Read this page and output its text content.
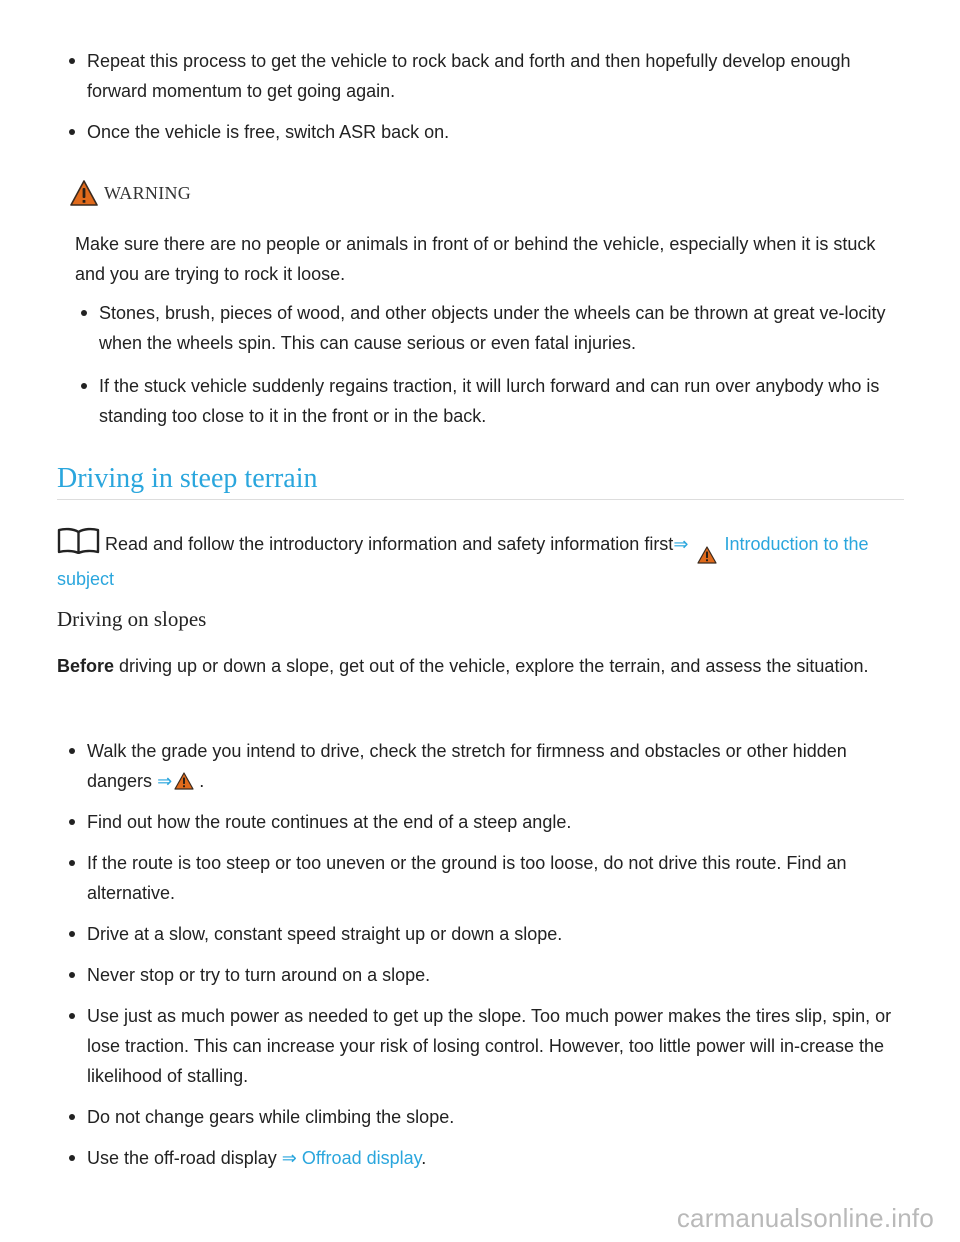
Repeat this process to get the vehicle to rock back and forth and then hopefully develop enough forward momentum to get going again.
Once the vehicle is free, switch ASR back on.
WARNING
Make sure there are no people or animals in front of or behind the vehicle, especially when it is stuck and you are trying to rock it loose.
Stones, brush, pieces of wood, and other objects under the wheels can be thrown at great ve-locity when the wheels spin. This can cause serious or even fatal injuries.
If the stuck vehicle suddenly regains traction, it will lurch forward and can run over anybody who is standing too close to it in the front or in the back.
Driving in steep terrain
Read and follow the introductory information and safety information first⇒ Introduction to the subject
Driving on slopes
Before driving up or down a slope, get out of the vehicle, explore the terrain, and assess the situation.
Walk the grade you intend to drive, check the stretch for firmness and obstacles or other hidden dangers ⇒ .
Find out how the route continues at the end of a steep angle.
If the route is too steep or too uneven or the ground is too loose, do not drive this route. Find an alternative.
Drive at a slow, constant speed straight up or down a slope.
Never stop or try to turn around on a slope.
Use just as much power as needed to get up the slope. Too much power makes the tires slip, spin, or lose traction. This can increase your risk of losing control. However, too little power will in-crease the likelihood of stalling.
Do not change gears while climbing the slope.
Use the off-road display ⇒ Offroad display.
carmanualsonline.info
